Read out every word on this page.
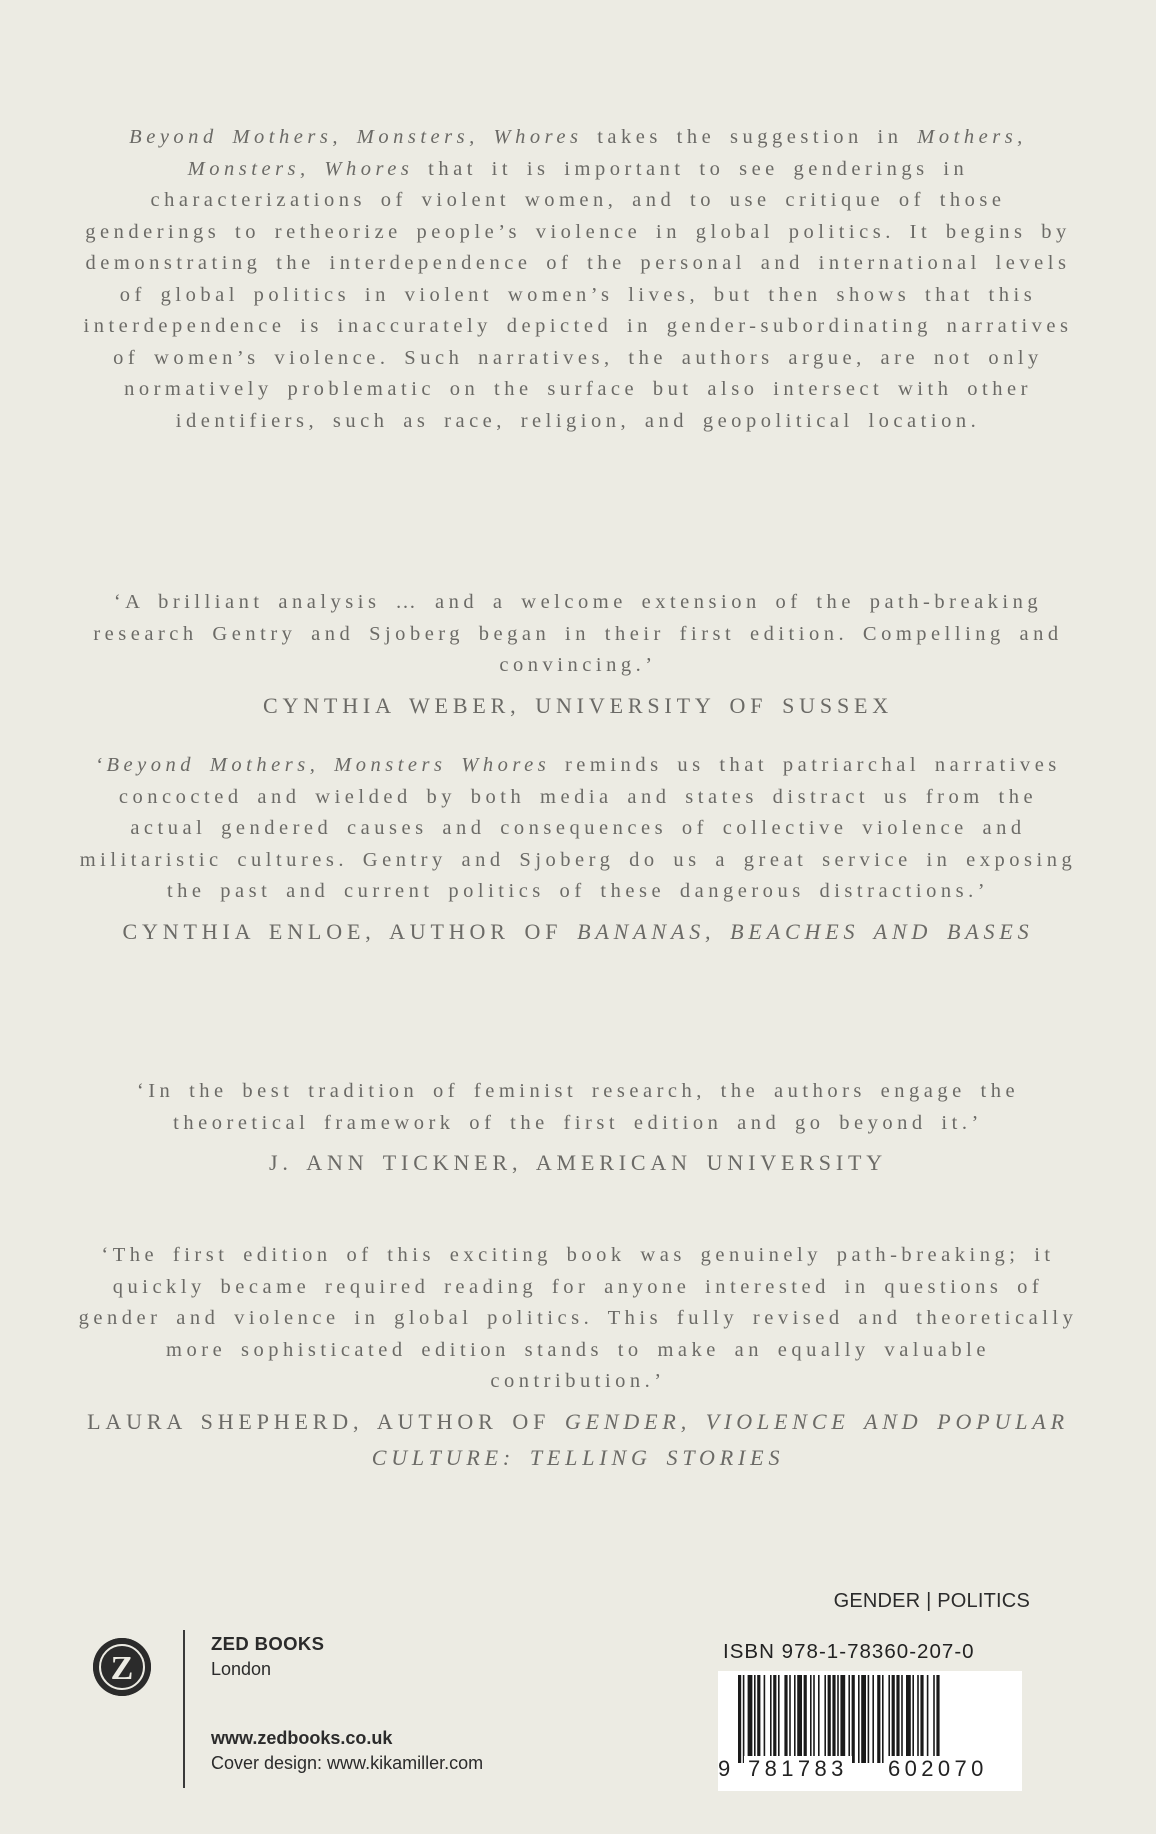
Beyond Mothers, Monsters, Whores takes the suggestion in Mothers, Monsters, Whores that it is important to see genderings in characterizations of violent women, and to use critique of those genderings to retheorize people’s violence in global politics. It begins by demonstrating the interdependence of the personal and international levels of global politics in violent women’s lives, but then shows that this interdependence is inaccurately depicted in gender-subordinating narratives of women’s violence. Such narratives, the authors argue, are not only normatively problematic on the surface but also intersect with other identifiers, such as race, religion, and geopolitical location.
‘A brilliant analysis … and a welcome extension of the path-breaking research Gentry and Sjoberg began in their first edition. Compelling and convincing.’
CYNTHIA WEBER, UNIVERSITY OF SUSSEX
‘Beyond Mothers, Monsters Whores reminds us that patriarchal narratives concocted and wielded by both media and states distract us from the actual gendered causes and consequences of collective violence and militaristic cultures. Gentry and Sjoberg do us a great service in exposing the past and current politics of these dangerous distractions.’
CYNTHIA ENLOE, AUTHOR OF BANANAS, BEACHES AND BASES
‘In the best tradition of feminist research, the authors engage the theoretical framework of the first edition and go beyond it.’
J. ANN TICKNER, AMERICAN UNIVERSITY
‘The first edition of this exciting book was genuinely path-breaking; it quickly became required reading for anyone interested in questions of gender and violence in global politics. This fully revised and theoretically more sophisticated edition stands to make an equally valuable contribution.’
LAURA SHEPHERD, AUTHOR OF GENDER, VIOLENCE AND POPULAR CULTURE: TELLING STORIES
GENDER | POLITICS
Z
ZED BOOKS
London
www.zedbooks.co.uk
Cover design: www.kikamiller.com
ISBN 978-1-78360-207-0
9 781783 602070
